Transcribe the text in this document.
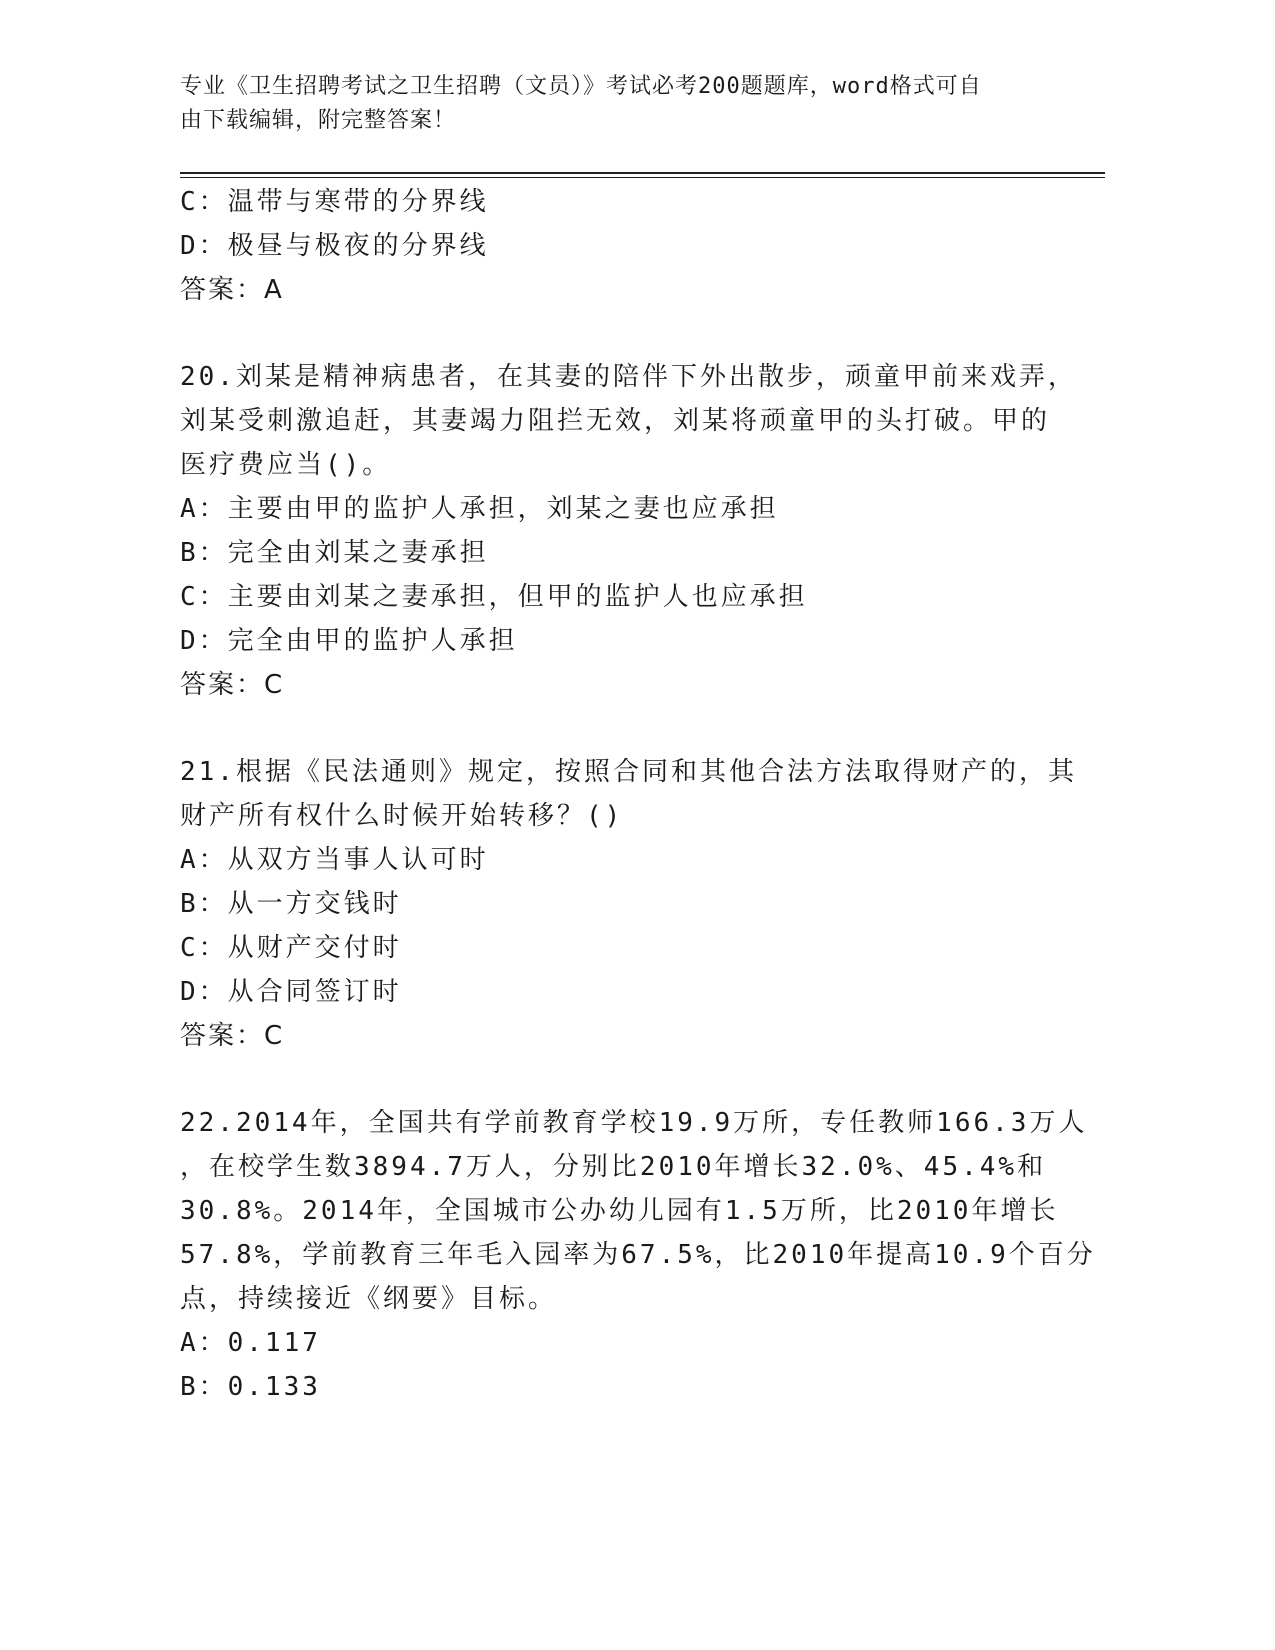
专业《卫生招聘考试之卫生招聘（文员）》考试必考200题题库，word格式可自
由下载编辑，附完整答案！
C：温带与寒带的分界线
D：极昼与极夜的分界线
答案：A
20.刘某是精神病患者，在其妻的陪伴下外出散步，顽童甲前来戏弄，
刘某受刺激追赶，其妻竭力阻拦无效，刘某将顽童甲的头打破。甲的
医疗费应当()。
A：主要由甲的监护人承担，刘某之妻也应承担
B：完全由刘某之妻承担
C：主要由刘某之妻承担，但甲的监护人也应承担
D：完全由甲的监护人承担
答案：C
21.根据《民法通则》规定，按照合同和其他合法方法取得财产的，其
财产所有权什么时候开始转移？()
A：从双方当事人认可时
B：从一方交钱时
C：从财产交付时
D：从合同签订时
答案：C
22.2014年，全国共有学前教育学校19.9万所，专任教师166.3万人
，在校学生数3894.7万人，分别比2010年增长32.0%、45.4%和
30.8%。2014年，全国城市公办幼儿园有1.5万所，比2010年增长
57.8%，学前教育三年毛入园率为67.5%，比2010年提高10.9个百分
点，持续接近《纲要》目标。
A：0.117
B：0.133
